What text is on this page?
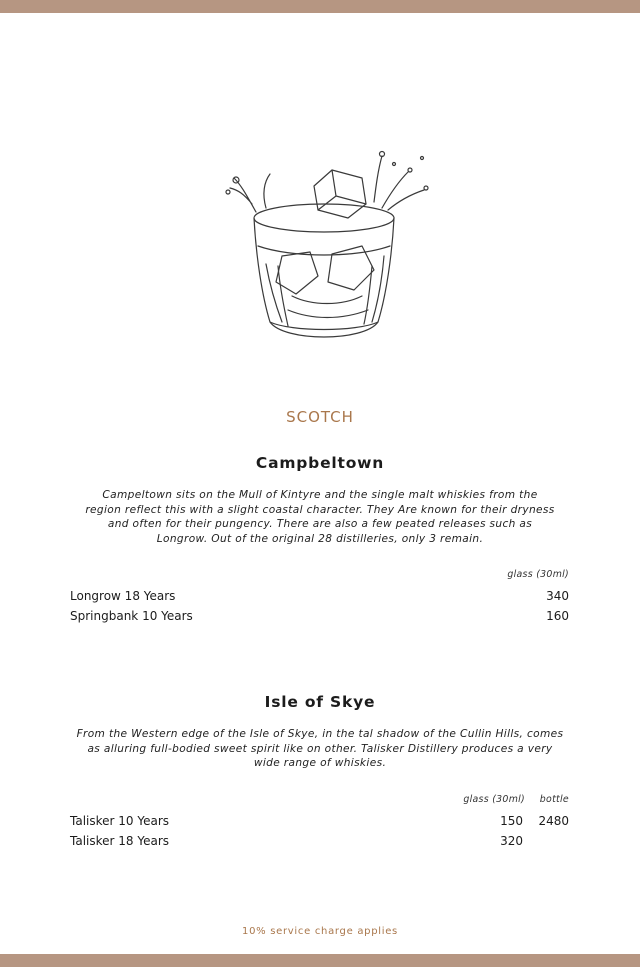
SCOTCH
Campbeltown

Campeltown sits on the Mull of Kintyre and the single malt whiskies from the region reflect this with a slight coastal character. They Are known for their dryness and often for their pungency. There are also a few peated releases such as Longrow. Out of the original 28 distilleries, only 3 remain.

glass (30ml)
Longrow 18 Years	340
Springbank 10 Years	160
Isle of Skye

From the Western edge of the Isle of Skye, in the tal shadow of the Cullin Hills, comes as alluring full-bodied sweet spirit like on other. Talisker Distillery produces a very wide range of whiskies.

glass (30ml) bottle
Talisker 10 Years	150 2480
Talisker 18 Years	320
10% service charge applies
